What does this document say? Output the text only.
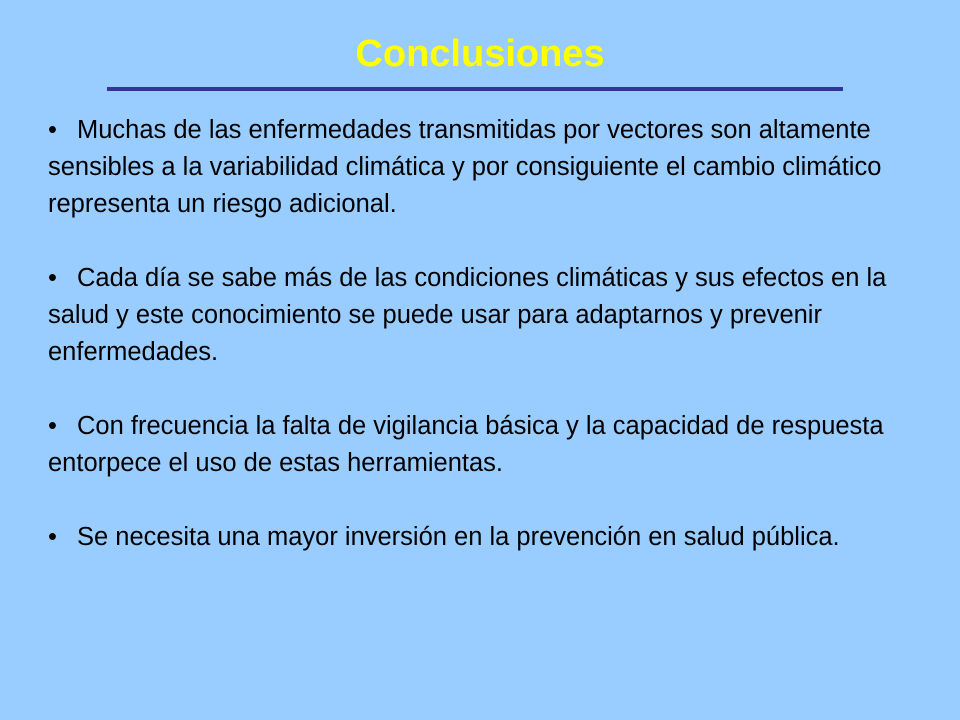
Conclusiones

• Muchas de las enfermedades transmitidas por vectores son altamente sensibles a la variabilidad climática y por consiguiente el cambio climático representa un riesgo adicional.

• Cada día se sabe más de las condiciones climáticas y sus efectos en la salud y este conocimiento se puede usar para adaptarnos y prevenir enfermedades.

• Con frecuencia la falta de vigilancia básica y la capacidad de respuesta entorpece el uso de estas herramientas.

• Se necesita una mayor inversión en la prevención en salud pública.
